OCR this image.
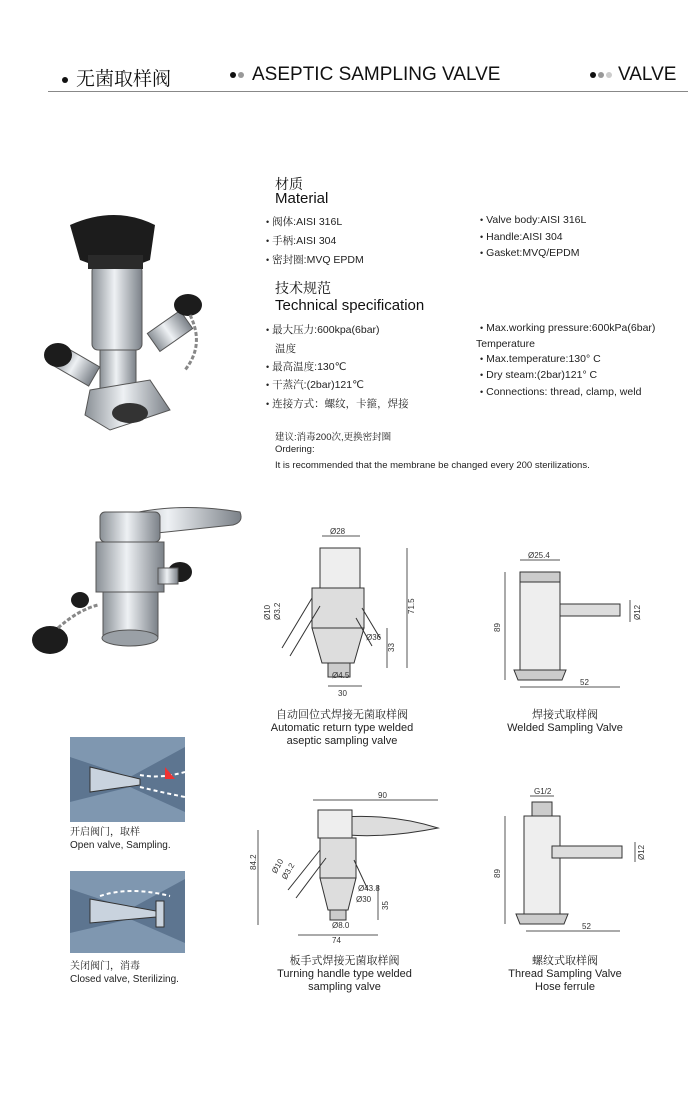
无菌取样阀	ASEPTIC SAMPLING VALVE	VALVE
材质
Material
• 阀体:AISI 316L
• 手柄:AISI 304
• 密封圈:MVQ EPDM
• Valve body:AISI 316L
• Handle:AISI 304
• Gasket:MVQ/EPDM
技术规范
Technical specification
• 最大压力:600kpa(6bar)
温度
• 最高温度:130℃
• 干蒸汽:(2bar)121℃
• 连接方式：螺纹，卡箍，焊接
• Max.working pressure:600kPa(6bar)
Temperature
• Max.temperature:130° C
• Dry steam:(2bar)121° C
• Connections: thread, clamp, weld
建议:消毒200次,更换密封圈
Ordering:
It is recommended that the membrane be changed every 200 sterilizations.
Ø28
Ø10 Ø3.2
Ø36
71.5
33
Ø4.5
30
自动回位式焊接无菌取样阀
Automatic return type welded
aseptic sampling valve
Ø25.4
89
Ø12
52
焊接式取样阀
Welded Sampling Valve
开启阀门，取样
Open valve, Sampling.
关闭阀门，消毒
Closed valve, Sterilizing.
90
84.2 Ø10
Ø3.2
Ø43.8
Ø30
35
Ø8.0
74
板手式焊接无菌取样阀
Turning handle type welded
sampling valve
G1/2
89
Ø12
52
螺纹式取样阀
Thread Sampling Valve
Hose ferrule
